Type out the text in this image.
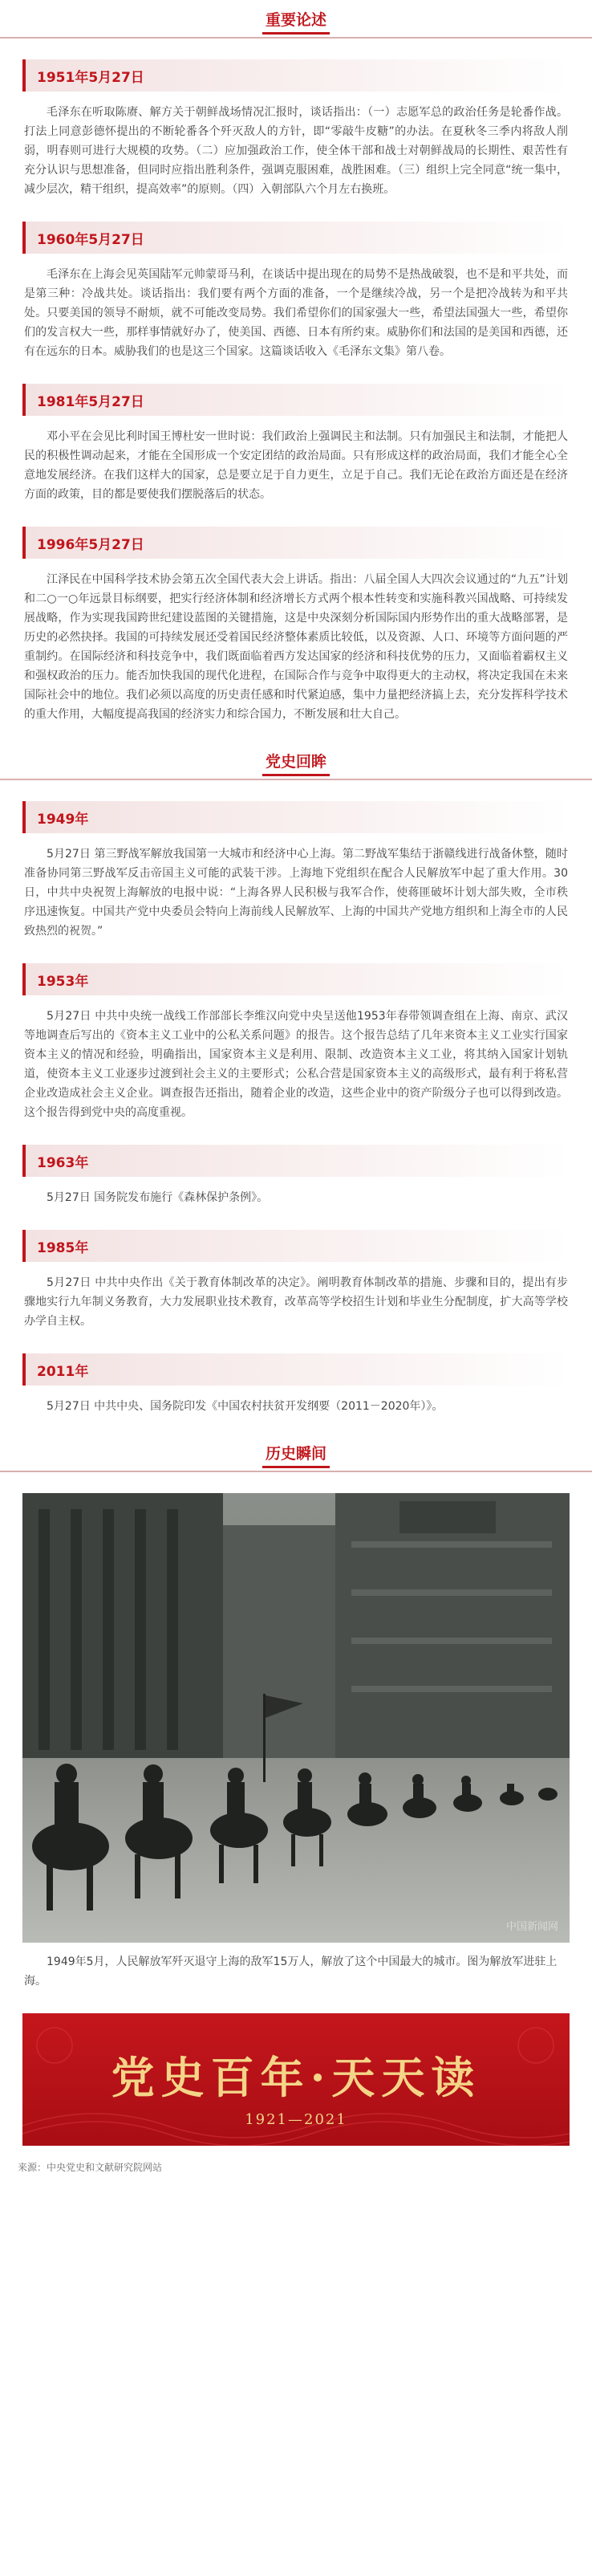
重要论述
1951年5月27日

毛泽东在听取陈赓、解方关于朝鲜战场情况汇报时，谈话指出：（一）志愿军总的政治任务是轮番作战。打法上同意彭德怀提出的不断轮番各个歼灭敌人的方针，即“零敲牛皮糖”的办法。在夏秋冬三季内将敌人削弱，明春则可进行大规模的攻势。（二）应加强政治工作，使全体干部和战士对朝鲜战局的长期性、艰苦性有充分认识与思想准备，但同时应指出胜利条件，强调克服困难，战胜困难。（三）组织上完全同意“统一集中，减少层次，精干组织，提高效率”的原则。（四）入朝部队六个月左右换班。

1960年5月27日

毛泽东在上海会见英国陆军元帅蒙哥马利，在谈话中提出现在的局势不是热战破裂，也不是和平共处，而是第三种：冷战共处。谈话指出：我们要有两个方面的准备，一个是继续冷战，另一个是把冷战转为和平共处。只要美国的领导不耐烦，就不可能改变局势。我们希望你们的国家强大一些，希望法国强大一些，希望你们的发言权大一些，那样事情就好办了，使美国、西德、日本有所约束。威胁你们和法国的是美国和西德，还有在远东的日本。威胁我们的也是这三个国家。这篇谈话收入《毛泽东文集》第八卷。

1981年5月27日

邓小平在会见比利时国王博杜安一世时说：我们政治上强调民主和法制。只有加强民主和法制，才能把人民的积极性调动起来，才能在全国形成一个安定团结的政治局面。只有形成这样的政治局面，我们才能全心全意地发展经济。在我们这样大的国家，总是要立足于自力更生，立足于自己。我们无论在政治方面还是在经济方面的政策，目的都是要使我们摆脱落后的状态。

1996年5月27日

江泽民在中国科学技术协会第五次全国代表大会上讲话。指出：八届全国人大四次会议通过的“九五”计划和二○一○年远景目标纲要，把实行经济体制和经济增长方式两个根本性转变和实施科教兴国战略、可持续发展战略，作为实现我国跨世纪建设蓝图的关键措施，这是中央深刻分析国际国内形势作出的重大战略部署，是历史的必然抉择。我国的可持续发展还受着国民经济整体素质比较低，以及资源、人口、环境等方面问题的严重制约。在国际经济和科技竞争中，我们既面临着西方发达国家的经济和科技优势的压力，又面临着霸权主义和强权政治的压力。能否加快我国的现代化进程，在国际合作与竞争中取得更大的主动权，将决定我国在未来国际社会中的地位。我们必须以高度的历史责任感和时代紧迫感，集中力量把经济搞上去，充分发挥科学技术的重大作用，大幅度提高我国的经济实力和综合国力，不断发展和壮大自己。

党史回眸
1949年

5月27日 第三野战军解放我国第一大城市和经济中心上海。第二野战军集结于浙赣线进行战备休整，随时准备协同第三野战军反击帝国主义可能的武装干涉。上海地下党组织在配合人民解放军中起了重大作用。30日，中共中央祝贺上海解放的电报中说：“上海各界人民积极与我军合作，使蒋匪破坏计划大部失败，全市秩序迅速恢复。中国共产党中央委员会特向上海前线人民解放军、上海的中国共产党地方组织和上海全市的人民致热烈的祝贺。”

1953年

5月27日 中共中央统一战线工作部部长李维汉向党中央呈送他1953年春带领调查组在上海、南京、武汉等地调查后写出的《资本主义工业中的公私关系问题》的报告。这个报告总结了几年来资本主义工业实行国家资本主义的情况和经验，明确指出，国家资本主义是利用、限制、改造资本主义工业，将其纳入国家计划轨道，使资本主义工业逐步过渡到社会主义的主要形式；公私合营是国家资本主义的高级形式，最有利于将私营企业改造成社会主义企业。调查报告还指出，随着企业的改造，这些企业中的资产阶级分子也可以得到改造。这个报告得到党中央的高度重视。

1963年

5月27日 国务院发布施行《森林保护条例》。

1985年

5月27日 中共中央作出《关于教育体制改革的决定》。阐明教育体制改革的措施、步骤和目的，提出有步骤地实行九年制义务教育，大力发展职业技术教育，改革高等学校招生计划和毕业生分配制度，扩大高等学校办学自主权。

2011年

5月27日 中共中央、国务院印发《中国农村扶贫开发纲要（2011－2020年）》。

历史瞬间
中国新闻网

1949年5月，人民解放军歼灭退守上海的敌军15万人，解放了这个中国最大的城市。图为解放军进驻上海。

党史百年·天天读
1921—2021

来源：中央党史和文献研究院网站
